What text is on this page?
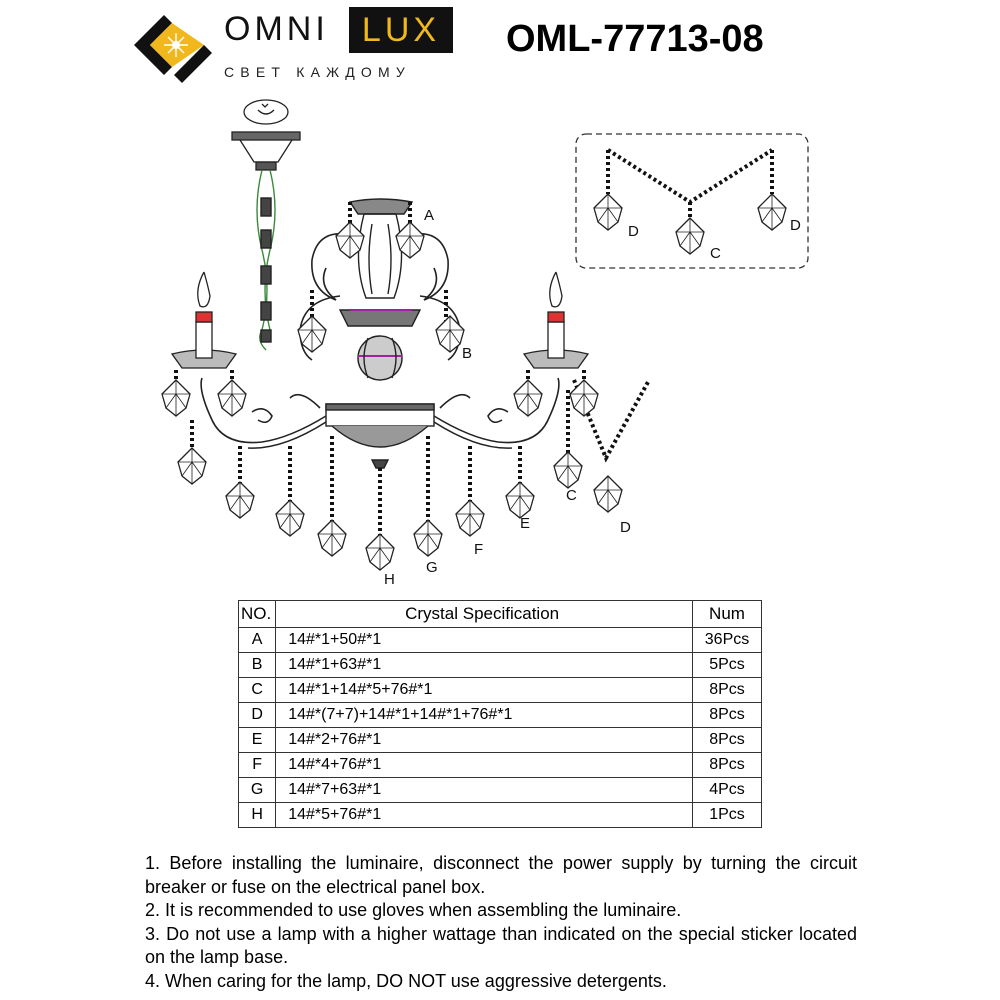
OMNI LUX
СВЕТ КАЖДОМУ
OML-77713-08
A
B
D
C
D
C
D
E
F
G
H
NO.	Crystal Specification	Num
A	14#*1+50#*1	36Pcs
B	14#*1+63#*1	5Pcs
C	14#*1+14#*5+76#*1	8Pcs
D	14#*(7+7)+14#*1+14#*1+76#*1	8Pcs
E	14#*2+76#*1	8Pcs
F	14#*4+76#*1	8Pcs
G	14#*7+63#*1	4Pcs
H	14#*5+76#*1	1Pcs

1. Before installing the luminaire, disconnect the power supply by turning the circuit breaker or fuse on the electrical panel box.

2. It is recommended to use gloves when assembling the luminaire.

3. Do not use a lamp with a higher wattage than indicated on the special sticker located on the lamp base.

4. When caring for the lamp, DO NOT use aggressive detergents.
